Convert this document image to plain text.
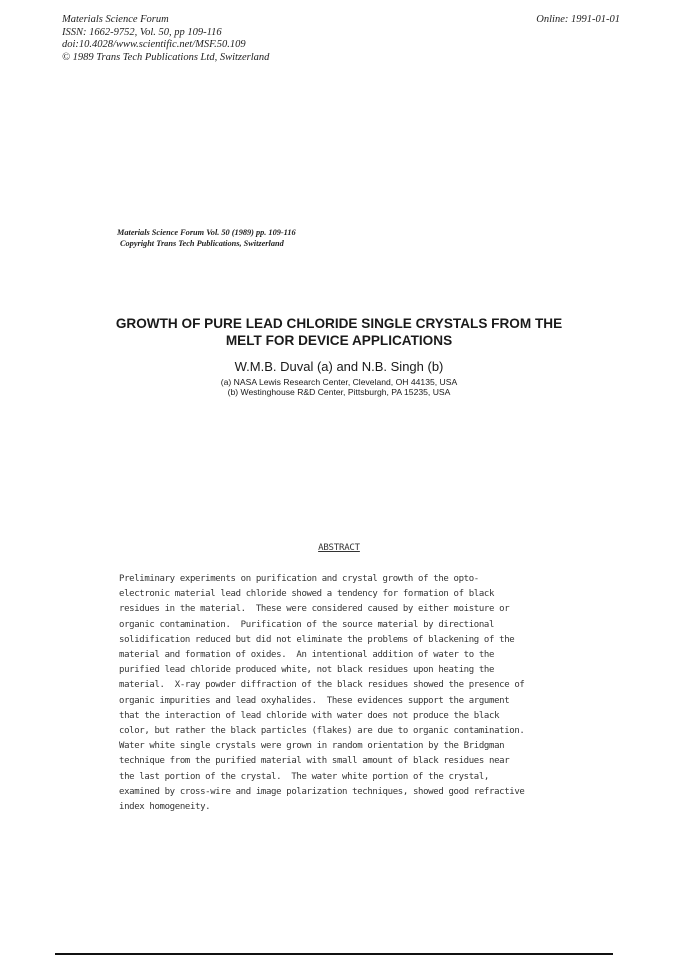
Materials Science Forum
ISSN: 1662-9752, Vol. 50, pp 109-116
doi:10.4028/www.scientific.net/MSF.50.109
© 1989 Trans Tech Publications Ltd, Switzerland
Online: 1991-01-01
Materials Science Forum Vol. 50 (1989) pp. 109-116
Copyright Trans Tech Publications, Switzerland
GROWTH OF PURE LEAD CHLORIDE SINGLE CRYSTALS FROM THE
MELT FOR DEVICE APPLICATIONS
W.M.B. Duval (a) and N.B. Singh (b)
(a) NASA Lewis Research Center, Cleveland, OH 44135, USA
(b) Westinghouse R&D Center, Pittsburgh, PA 15235, USA
ABSTRACT
Preliminary experiments on purification and crystal growth of the opto-
electronic material lead chloride showed a tendency for formation of black
residues in the material.  These were considered caused by either moisture or
organic contamination.  Purification of the source material by directional
solidification reduced but did not eliminate the problems of blackening of the
material and formation of oxides.  An intentional addition of water to the
purified lead chloride produced white, not black residues upon heating the
material.  X-ray powder diffraction of the black residues showed the presence of
organic impurities and lead oxyhalides.  These evidences support the argument
that the interaction of lead chloride with water does not produce the black
color, but rather the black particles (flakes) are due to organic contamination.
Water white single crystals were grown in random orientation by the Bridgman
technique from the purified material with small amount of black residues near
the last portion of the crystal.  The water white portion of the crystal,
examined by cross-wire and image polarization techniques, showed good refractive
index homogeneity.
